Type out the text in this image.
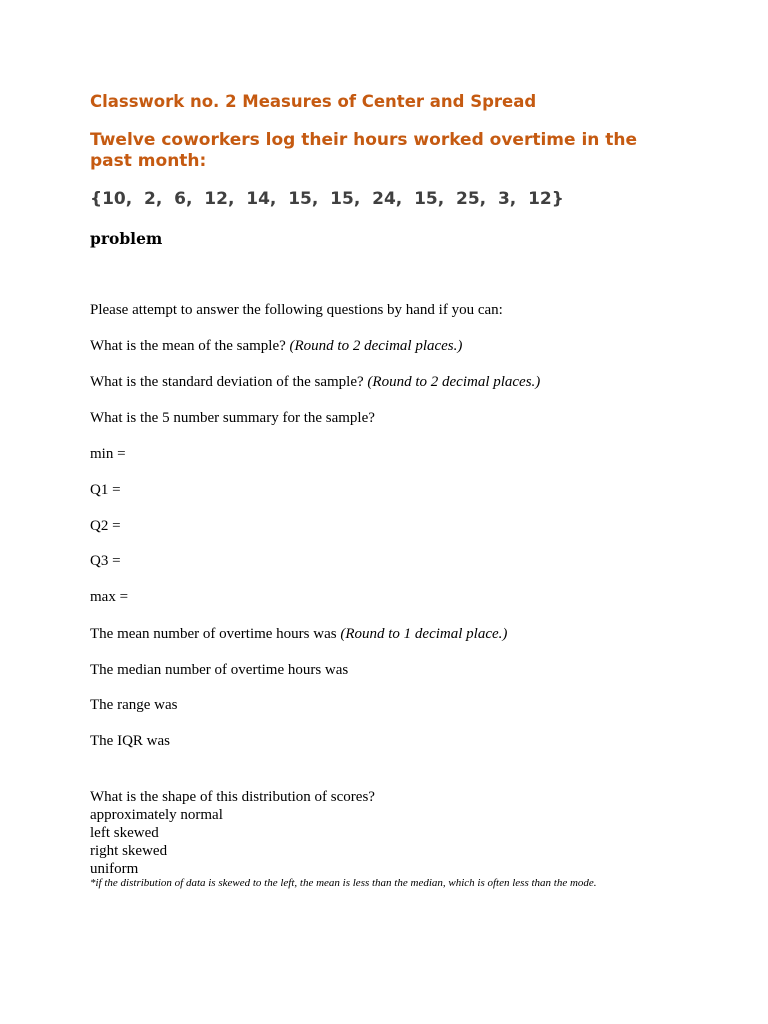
Classwork no. 2 Measures of Center and Spread
Twelve coworkers log their hours worked overtime in the past month:

{10,  2,  6,  12,  14,  15,  15,  24,  15,  25,  3,  12}

problem

Please attempt to answer the following questions by hand if you can:

What is the mean of the sample? (Round to 2 decimal places.)

What is the standard deviation of the sample? (Round to 2 decimal places.)

What is the 5 number summary for the sample?

min =

Q1 =

Q2 =

Q3 =

max =

The mean number of overtime hours was (Round to 1 decimal place.)

The median number of overtime hours was

The range was

The IQR was

What is the shape of this distribution of scores?
approximately normal
left skewed
right skewed
uniform

*if the distribution of data is skewed to the left, the mean is less than the median, which is often less than the mode.
